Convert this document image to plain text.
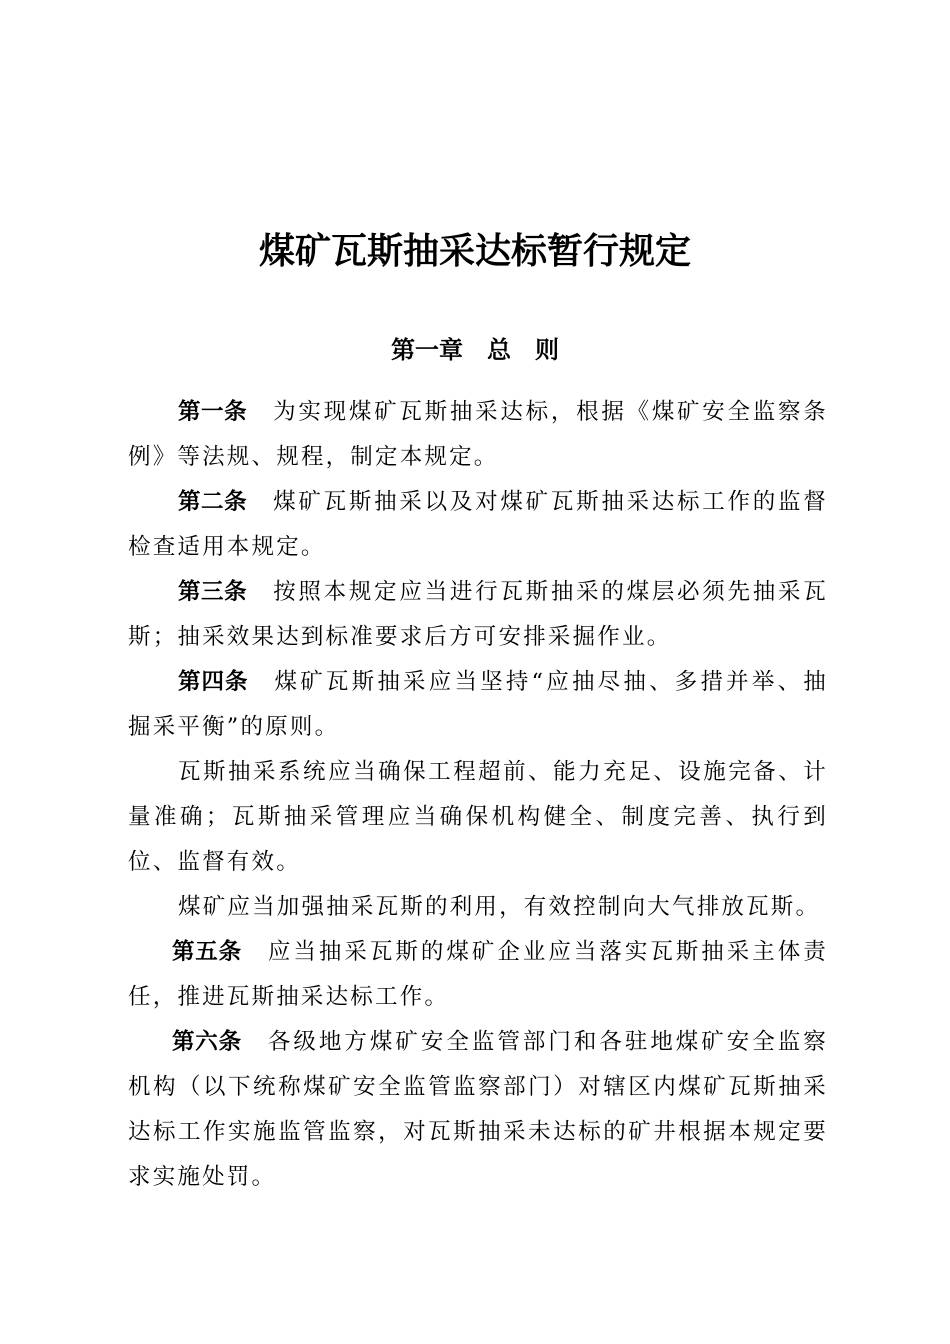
煤矿瓦斯抽采达标暂行规定
第一章　总　则

第一条 为实现煤矿瓦斯抽采达标，根据《煤矿安全监察条例》等法规、规程，制定本规定。

第二条 煤矿瓦斯抽采以及对煤矿瓦斯抽采达标工作的监督检查适用本规定。

第三条 按照本规定应当进行瓦斯抽采的煤层必须先抽采瓦斯；抽采效果达到标准要求后方可安排采掘作业。

第四条 煤矿瓦斯抽采应当坚持“应抽尽抽、多措并举、抽掘采平衡”的原则。

瓦斯抽采系统应当确保工程超前、能力充足、设施完备、计量准确；瓦斯抽采管理应当确保机构健全、制度完善、执行到位、监督有效。

煤矿应当加强抽采瓦斯的利用，有效控制向大气排放瓦斯。

第五条 应当抽采瓦斯的煤矿企业应当落实瓦斯抽采主体责任，推进瓦斯抽采达标工作。

第六条 各级地方煤矿安全监管部门和各驻地煤矿安全监察机构（以下统称煤矿安全监管监察部门）对辖区内煤矿瓦斯抽采达标工作实施监管监察，对瓦斯抽采未达标的矿井根据本规定要求实施处罚。
